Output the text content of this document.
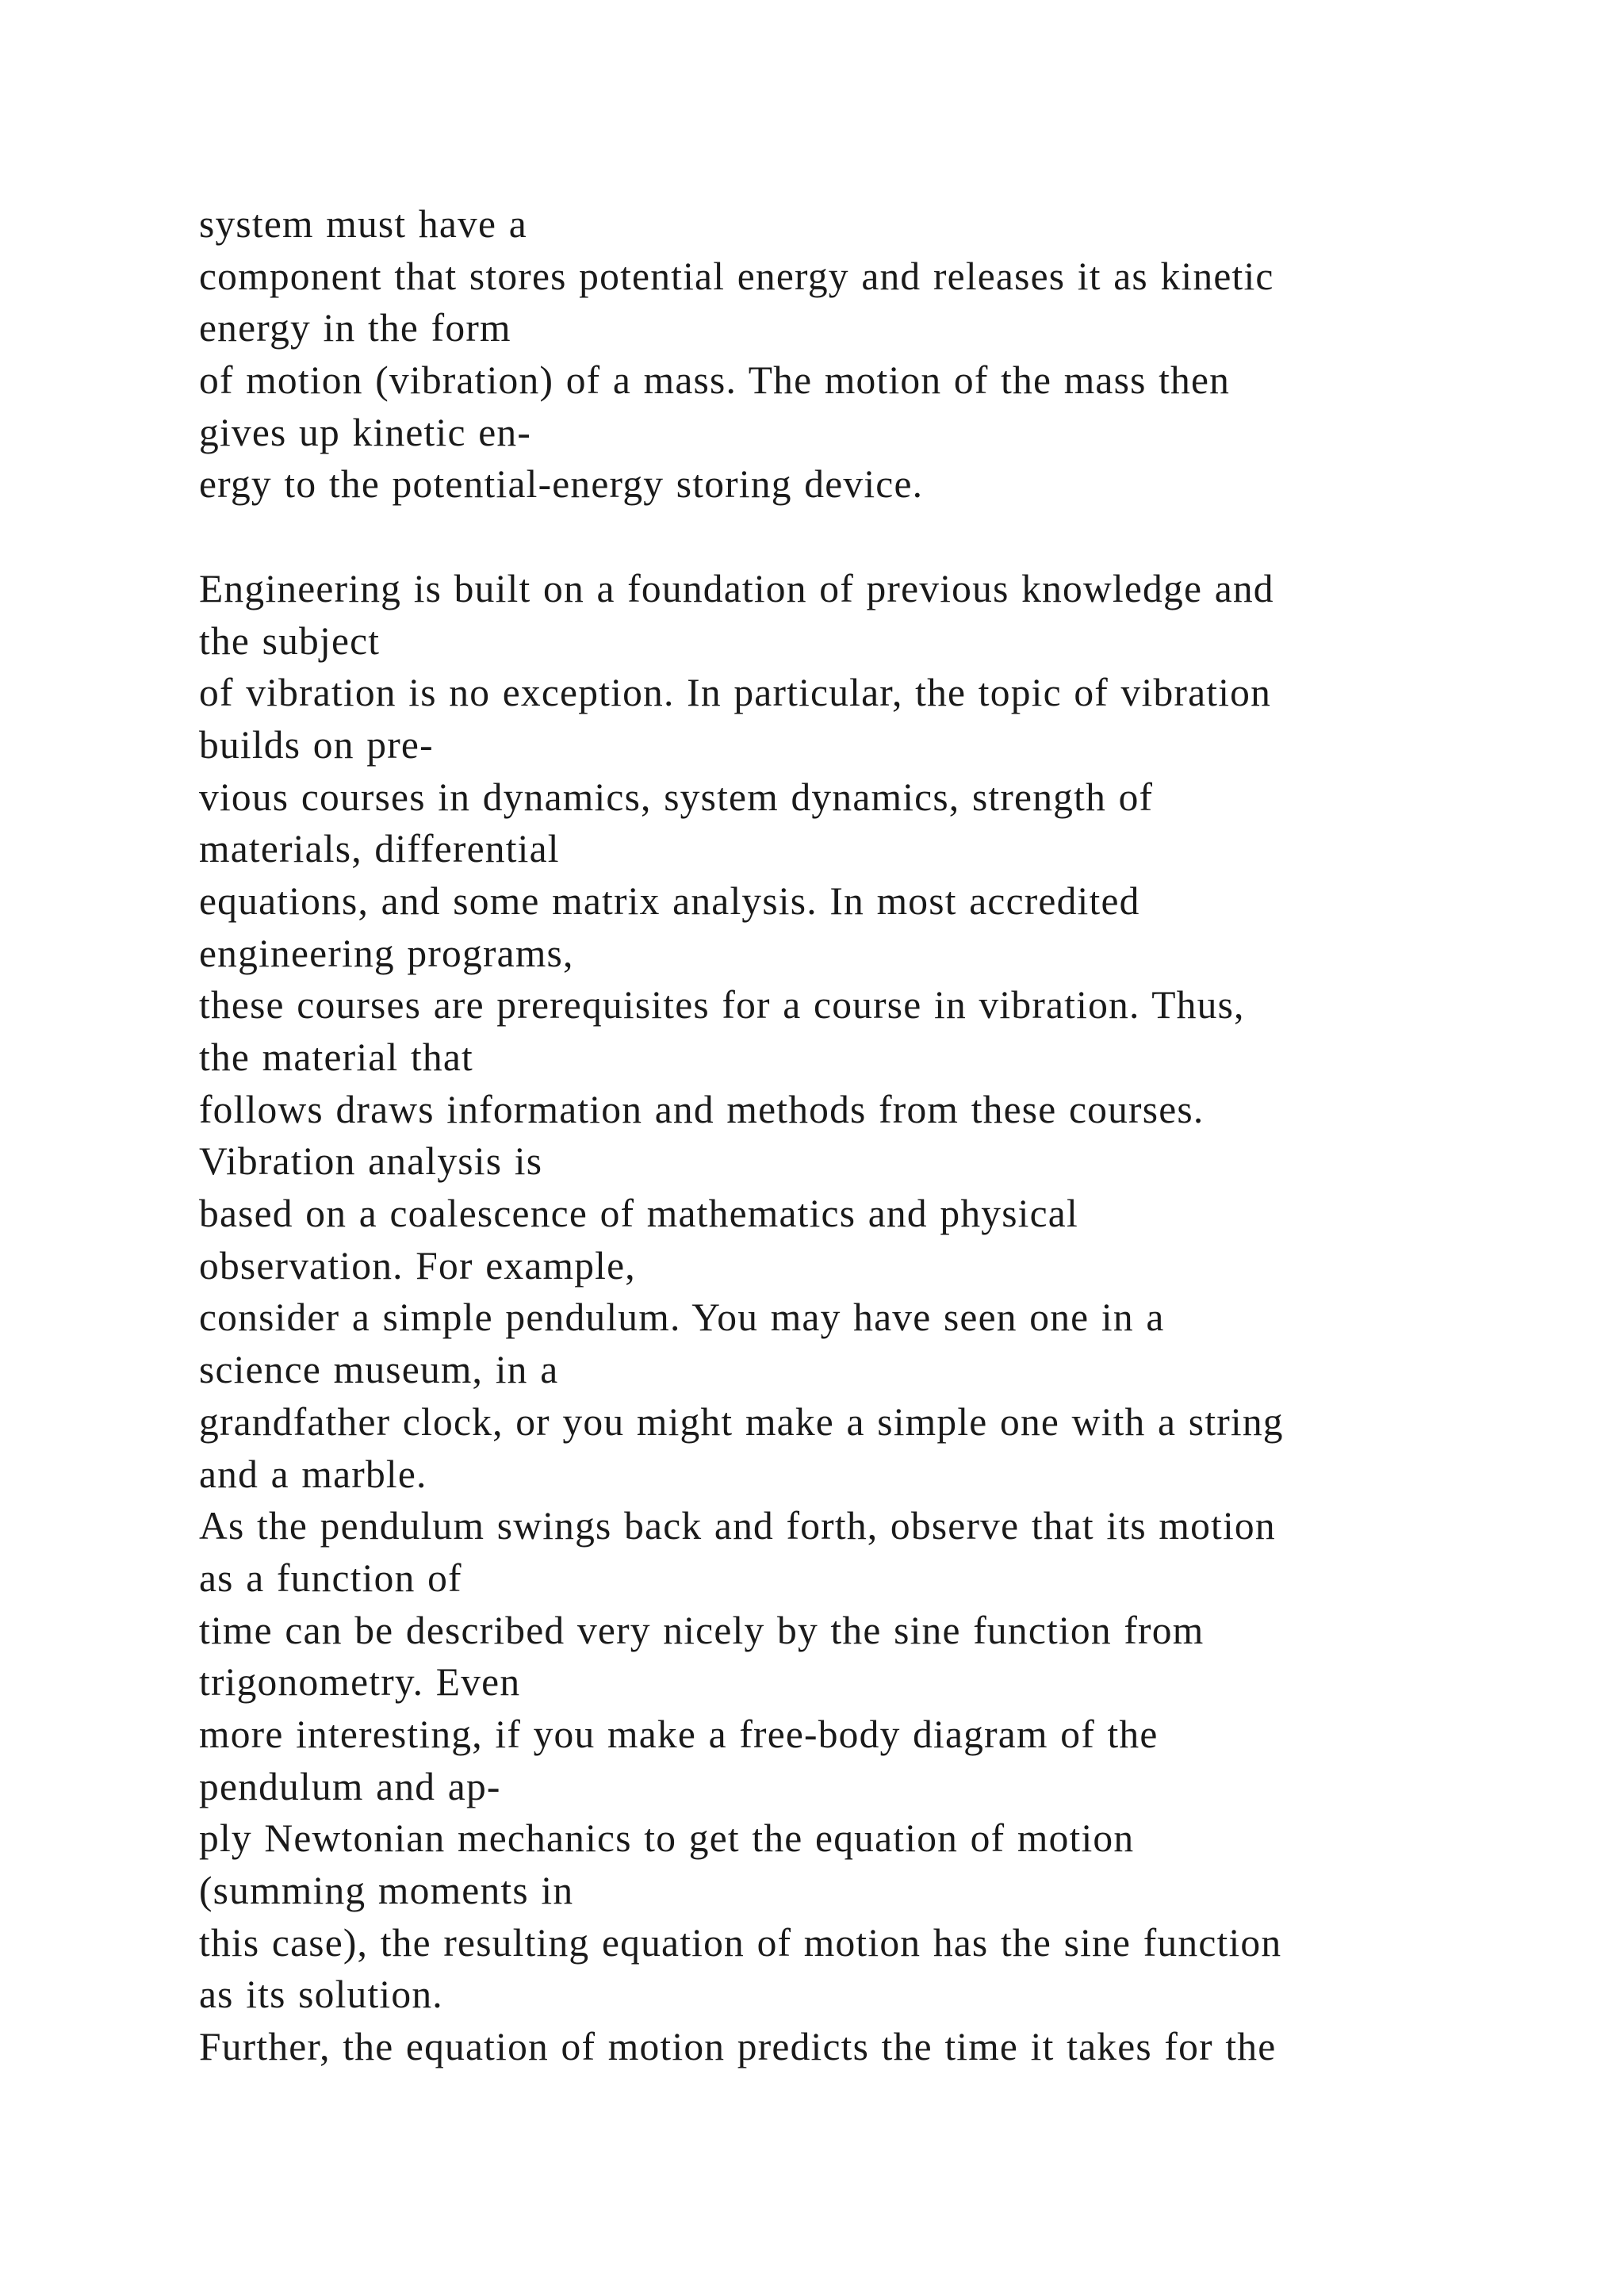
system must have a
component that stores potential energy and releases it as kinetic
energy in the form
of motion (vibration) of a mass. The motion of the mass then
gives up kinetic en-
ergy to the potential-energy storing device.
Engineering is built on a foundation of previous knowledge and
the subject
of vibration is no exception. In particular, the topic of vibration
builds on pre-
vious courses in dynamics, system dynamics, strength of
materials, differential
equations, and some matrix analysis. In most accredited
engineering programs,
these courses are prerequisites for a course in vibration. Thus,
the material that
follows draws information and methods from these courses.
Vibration analysis is
based on a coalescence of mathematics and physical
observation. For example,
consider a simple pendulum. You may have seen one in a
science museum, in a
grandfather clock, or you might make a simple one with a string
and a marble.
As the pendulum swings back and forth, observe that its motion
as a function of
time can be described very nicely by the sine function from
trigonometry. Even
more interesting, if you make a free-body diagram of the
pendulum and ap-
ply Newtonian mechanics to get the equation of motion
(summing moments in
this case), the resulting equation of motion has the sine function
as its solution.
Further, the equation of motion predicts the time it takes for the
